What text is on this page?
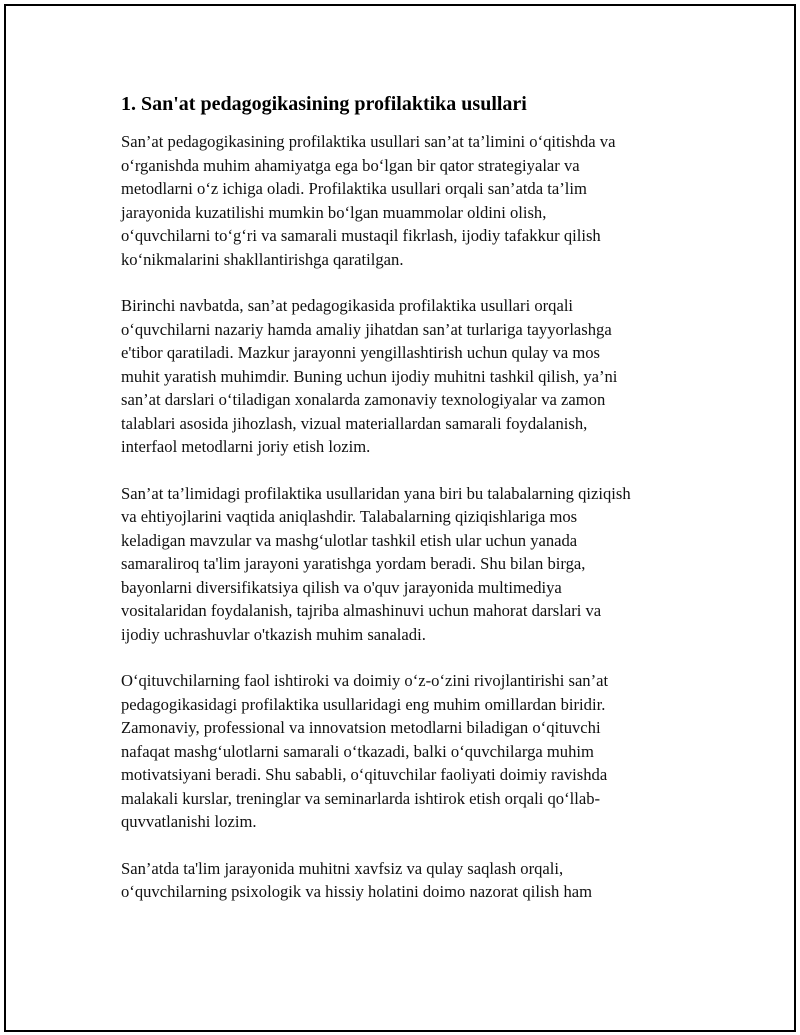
1. San'at pedagogikasining profilaktika usullari
San’at pedagogikasining profilaktika usullari san’at ta’limini o‘qitishda va
o‘rganishda muhim ahamiyatga ega bo‘lgan bir qator strategiyalar va
metodlarni o‘z ichiga oladi. Profilaktika usullari orqali san’atda ta’lim
jarayonida kuzatilishi mumkin bo‘lgan muammolar oldini olish,
o‘quvchilarni to‘g‘ri va samarali mustaqil fikrlash, ijodiy tafakkur qilish
ko‘nikmalarini shakllantirishga qaratilgan.
Birinchi navbatda, san’at pedagogikasida profilaktika usullari orqali
o‘quvchilarni nazariy hamda amaliy jihatdan san’at turlariga tayyorlashga
e'tibor qaratiladi. Mazkur jarayonni yengillashtirish uchun qulay va mos
muhit yaratish muhimdir. Buning uchun ijodiy muhitni tashkil qilish, ya’ni
san’at darslari o‘tiladigan xonalarda zamonaviy texnologiyalar va zamon
talablari asosida jihozlash, vizual materiallardan samarali foydalanish,
interfaol metodlarni joriy etish lozim.
San’at ta’limidagi profilaktika usullaridan yana biri bu talabalarning qiziqish
va ehtiyojlarini vaqtida aniqlashdir. Talabalarning qiziqishlariga mos
keladigan mavzular va mashg‘ulotlar tashkil etish ular uchun yanada
samaraliroq ta'lim jarayoni yaratishga yordam beradi. Shu bilan birga,
bayonlarni diversifikatsiya qilish va o'quv jarayonida multimediya
vositalaridan foydalanish, tajriba almashinuvi uchun mahorat darslari va
ijodiy uchrashuvlar o'tkazish muhim sanaladi.
O‘qituvchilarning faol ishtiroki va doimiy o‘z-o‘zini rivojlantirishi san’at
pedagogikasidagi profilaktika usullaridagi eng muhim omillardan biridir.
Zamonaviy, professional va innovatsion metodlarni biladigan o‘qituvchi
nafaqat mashg‘ulotlarni samarali o‘tkazadi, balki o‘quvchilarga muhim
motivatsiyani beradi. Shu sababli, o‘qituvchilar faoliyati doimiy ravishda
malakali kurslar, treninglar va seminarlarda ishtirok etish orqali qo‘llab-
quvvatlanishi lozim.
San’atda ta'lim jarayonida muhitni xavfsiz va qulay saqlash orqali,
o‘quvchilarning psixologik va hissiy holatini doimo nazorat qilish ham
